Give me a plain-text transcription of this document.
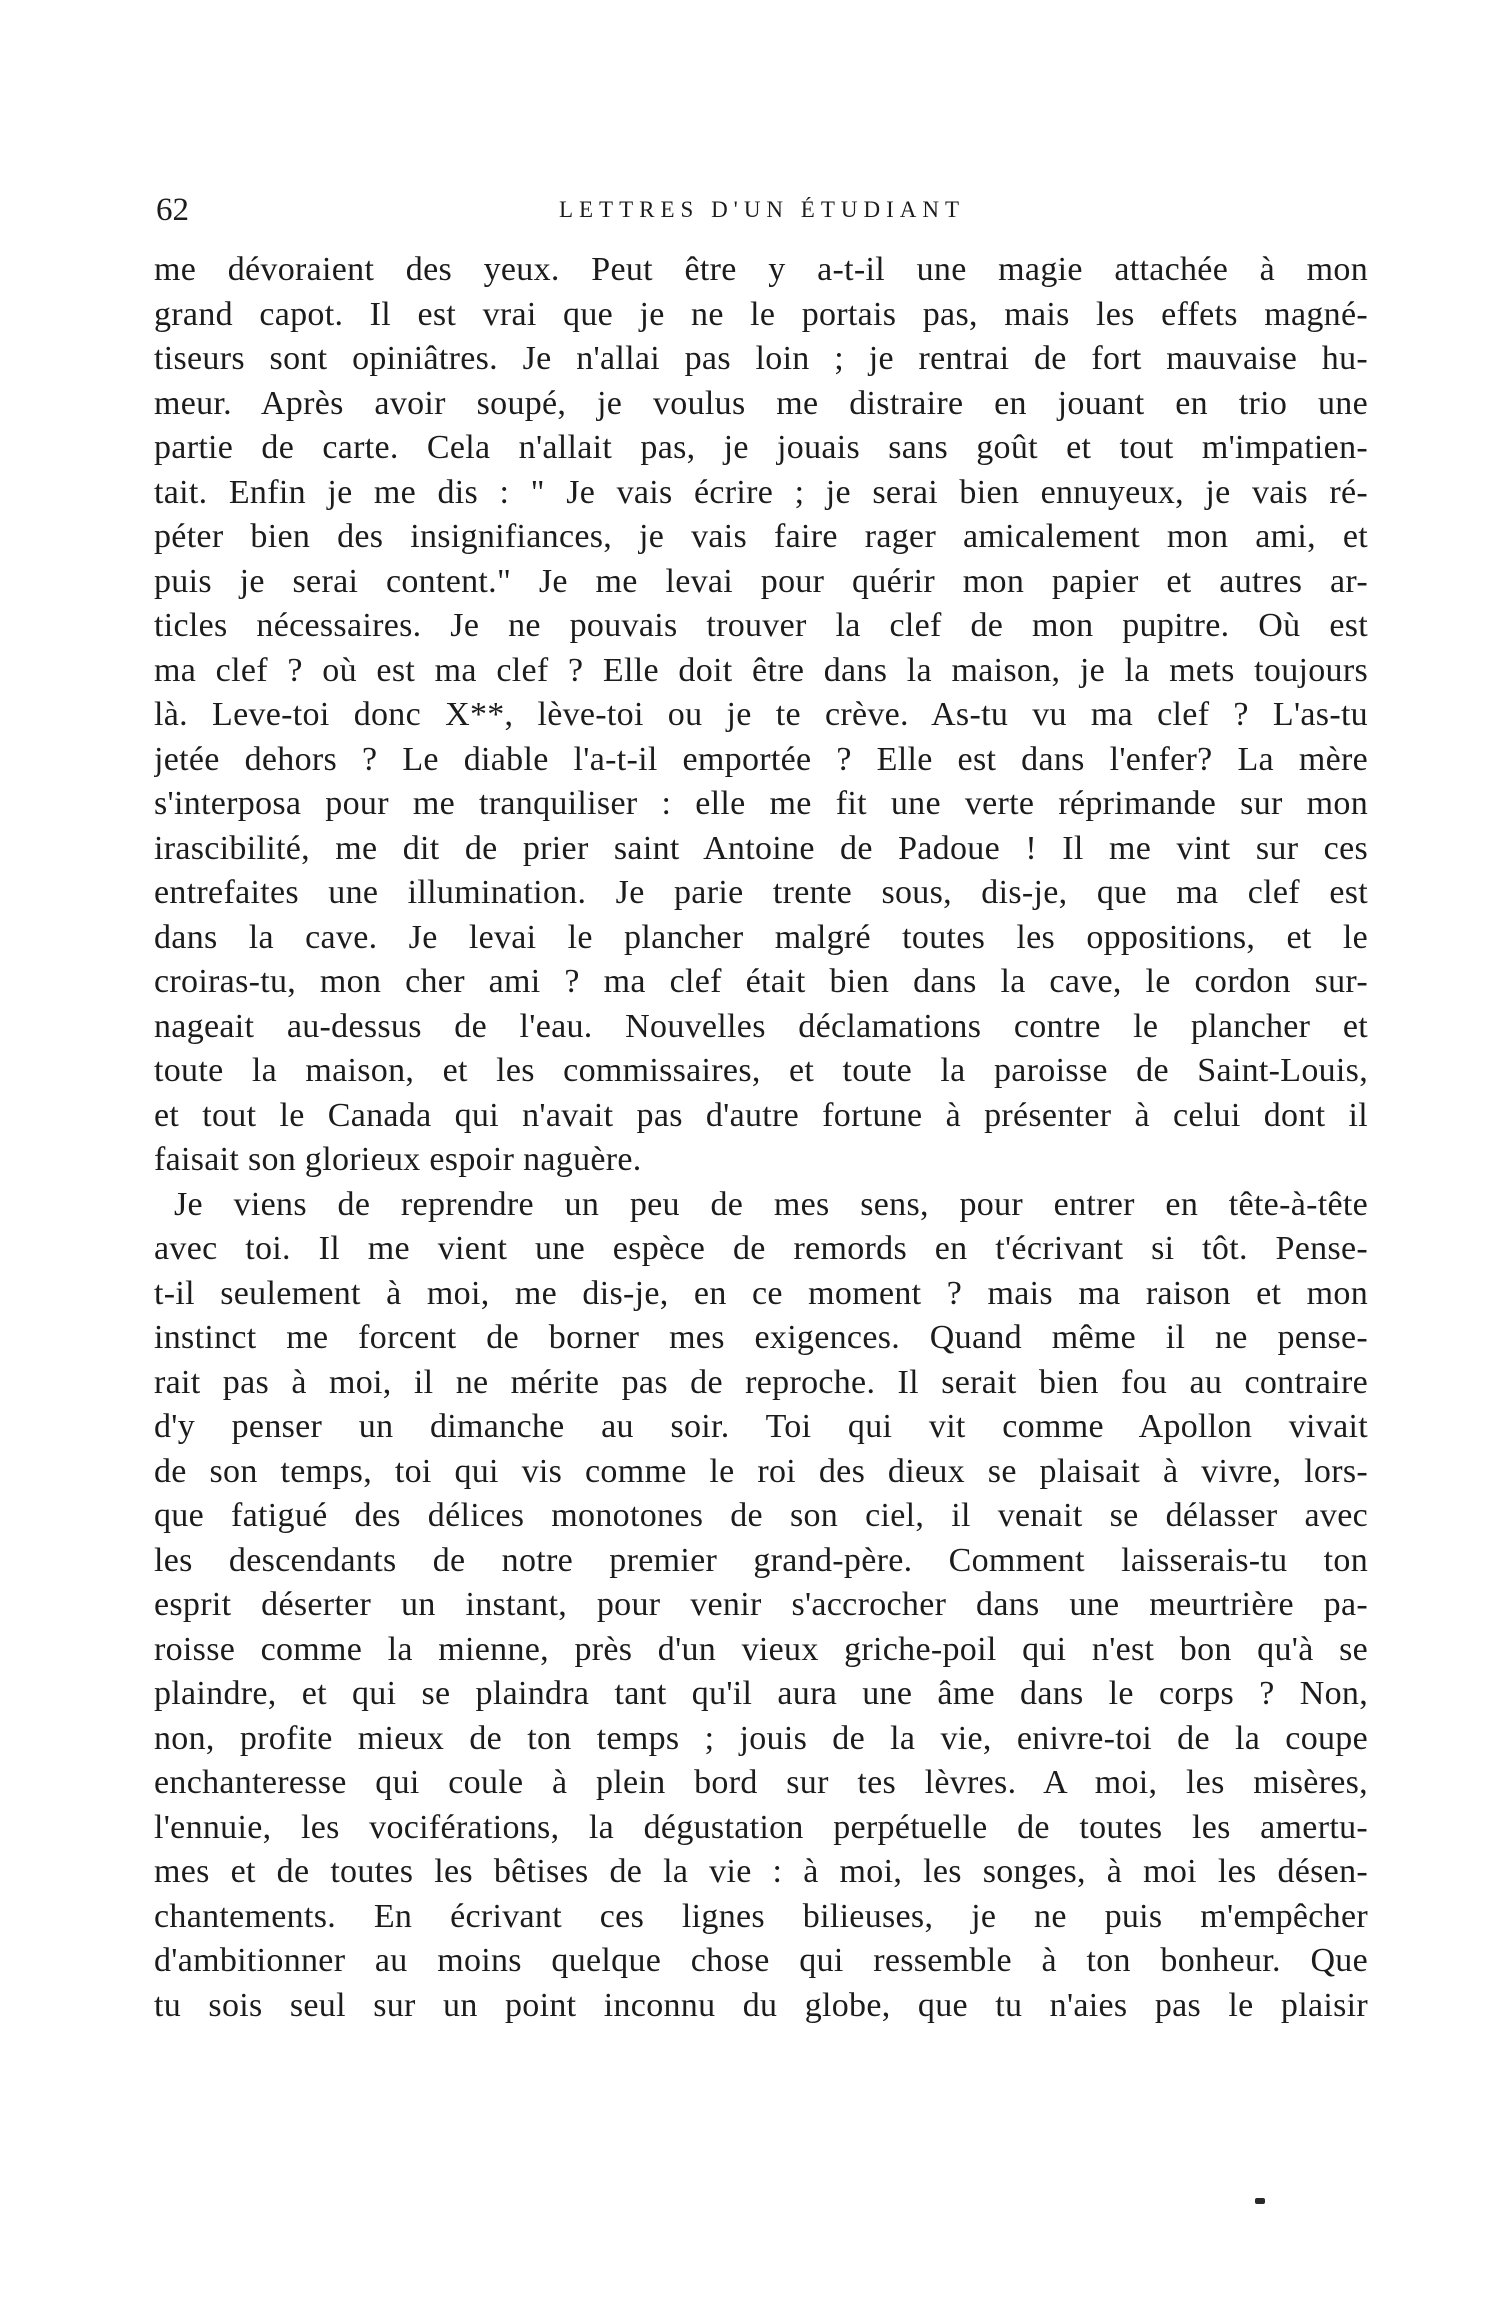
62	LETTRES D'UN ÉTUDIANT
me dévoraient des yeux. Peut être y a-t-il une magie attachée à mon
grand capot. Il est vrai que je ne le portais pas, mais les effets magné-
tiseurs sont opiniâtres. Je n'allai pas loin ; je rentrai de fort mauvaise hu-
meur. Après avoir soupé, je voulus me distraire en jouant en trio une
partie de carte. Cela n'allait pas, je jouais sans goût et tout m'impatien-
tait. Enfin je me dis : " Je vais écrire ; je serai bien ennuyeux, je vais ré-
péter bien des insignifiances, je vais faire rager amicalement mon ami, et
puis je serai content." Je me levai pour quérir mon papier et autres ar-
ticles nécessaires. Je ne pouvais trouver la clef de mon pupitre. Où est
ma clef ? où est ma clef ? Elle doit être dans la maison, je la mets toujours
là. Leve-toi donc X**, lève-toi ou je te crève. As-tu vu ma clef ? L'as-tu
jetée dehors ? Le diable l'a-t-il emportée ? Elle est dans l'enfer? La mère
s'interposa pour me tranquiliser : elle me fit une verte réprimande sur mon
irascibilité, me dit de prier saint Antoine de Padoue ! Il me vint sur ces
entrefaites une illumination. Je parie trente sous, dis-je, que ma clef est
dans la cave. Je levai le plancher malgré toutes les oppositions, et le
croiras-tu, mon cher ami ? ma clef était bien dans la cave, le cordon sur-
nageait au-dessus de l'eau. Nouvelles déclamations contre le plancher et
toute la maison, et les commissaires, et toute la paroisse de Saint-Louis,
et tout le Canada qui n'avait pas d'autre fortune à présenter à celui dont il
faisait son glorieux espoir naguère.
Je viens de reprendre un peu de mes sens, pour entrer en tête-à-tête
avec toi. Il me vient une espèce de remords en t'écrivant si tôt. Pense-
t-il seulement à moi, me dis-je, en ce moment ? mais ma raison et mon
instinct me forcent de borner mes exigences. Quand même il ne pense-
rait pas à moi, il ne mérite pas de reproche. Il serait bien fou au contraire
d'y penser un dimanche au soir. Toi qui vit comme Apollon vivait
de son temps, toi qui vis comme le roi des dieux se plaisait à vivre, lors-
que fatigué des délices monotones de son ciel, il venait se délasser avec
les descendants de notre premier grand-père. Comment laisserais-tu ton
esprit déserter un instant, pour venir s'accrocher dans une meurtrière pa-
roisse comme la mienne, près d'un vieux griche-poil qui n'est bon qu'à se
plaindre, et qui se plaindra tant qu'il aura une âme dans le corps ? Non,
non, profite mieux de ton temps ; jouis de la vie, enivre-toi de la coupe
enchanteresse qui coule à plein bord sur tes lèvres. A moi, les misères,
l'ennuie, les vociférations, la dégustation perpétuelle de toutes les amertu-
mes et de toutes les bêtises de la vie : à moi, les songes, à moi les désen-
chantements. En écrivant ces lignes bilieuses, je ne puis m'empêcher
d'ambitionner au moins quelque chose qui ressemble à ton bonheur. Que
tu sois seul sur un point inconnu du globe, que tu n'aies pas le plaisir
